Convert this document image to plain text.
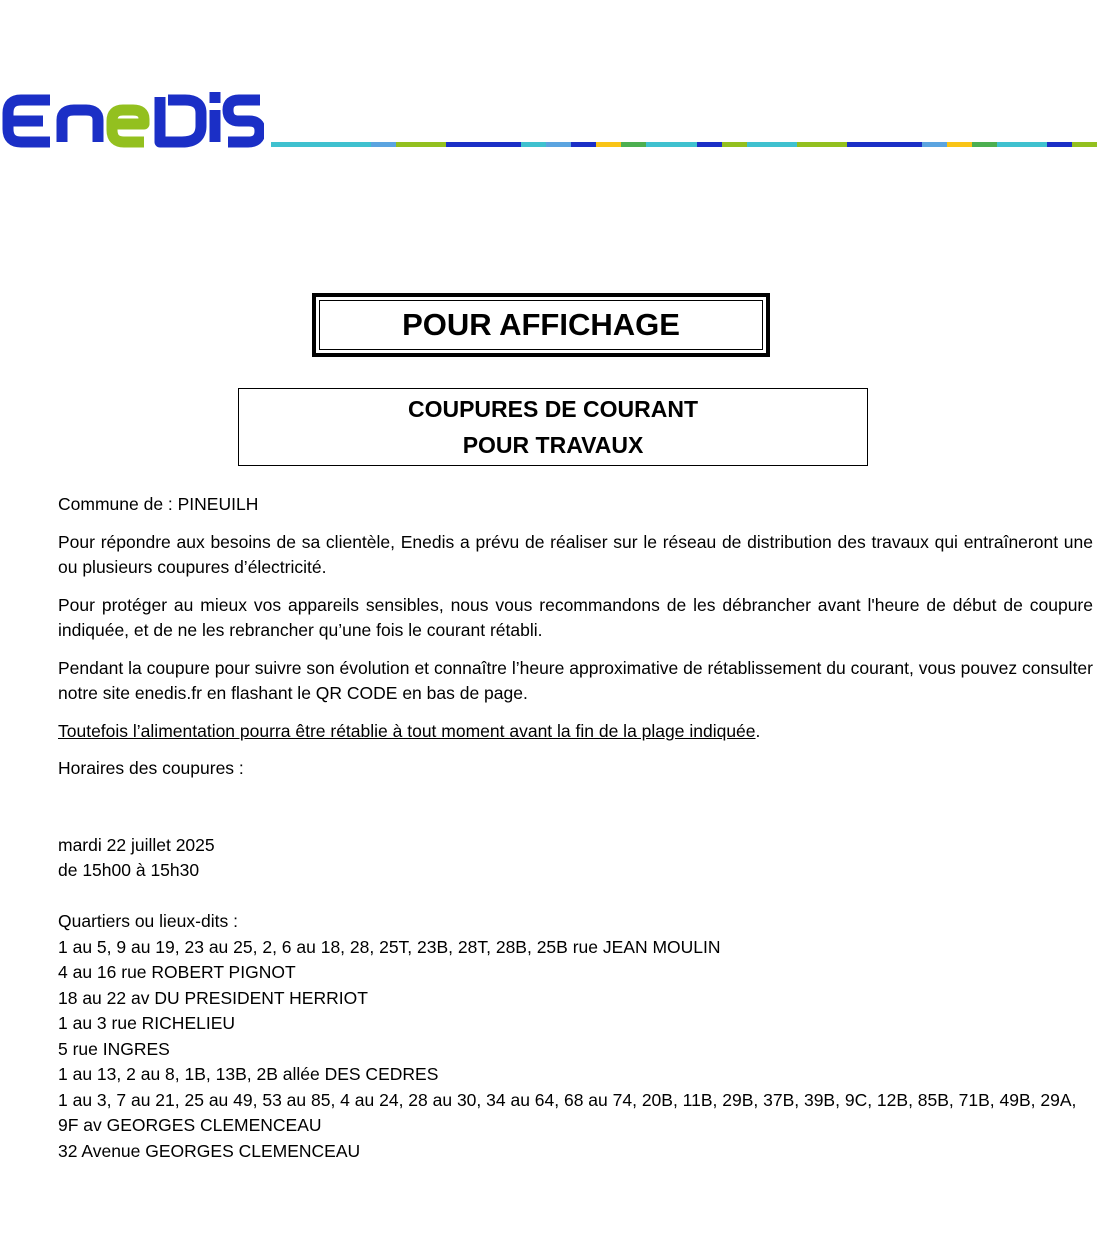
POUR AFFICHAGE
COUPURES DE COURANT
POUR TRAVAUX

Commune de : PINEUILH

Pour répondre aux besoins de sa clientèle, Enedis a prévu de réaliser sur le réseau de distribution des travaux qui entraîneront une ou plusieurs coupures d’électricité.

Pour protéger au mieux vos appareils sensibles, nous vous recommandons de les débrancher avant l'heure de début de coupure indiquée, et de ne les rebrancher qu’une fois le courant rétabli.

Pendant la coupure pour suivre son évolution et connaître l’heure approximative de rétablissement du courant, vous pouvez consulter notre site enedis.fr en flashant le QR CODE en bas de page.

Toutefois l’alimentation pourra être rétablie à tout moment avant la fin de la plage indiquée.

Horaires des coupures :

mardi 22 juillet 2025

de 15h00 à 15h30

Quartiers ou lieux-dits :

1 au 5, 9 au 19, 23 au 25, 2, 6 au 18, 28, 25T, 23B, 28T, 28B, 25B rue JEAN MOULIN

4 au 16 rue ROBERT PIGNOT

18 au 22 av DU PRESIDENT HERRIOT

1 au 3 rue RICHELIEU

5 rue INGRES

1 au 13, 2 au 8, 1B, 13B, 2B allée DES CEDRES

1 au 3, 7 au 21, 25 au 49, 53 au 85, 4 au 24, 28 au 30, 34 au 64, 68 au 74, 20B, 11B, 29B, 37B, 39B, 9C, 12B, 85B, 71B, 49B, 29A, 9F av GEORGES CLEMENCEAU

32 Avenue GEORGES CLEMENCEAU
